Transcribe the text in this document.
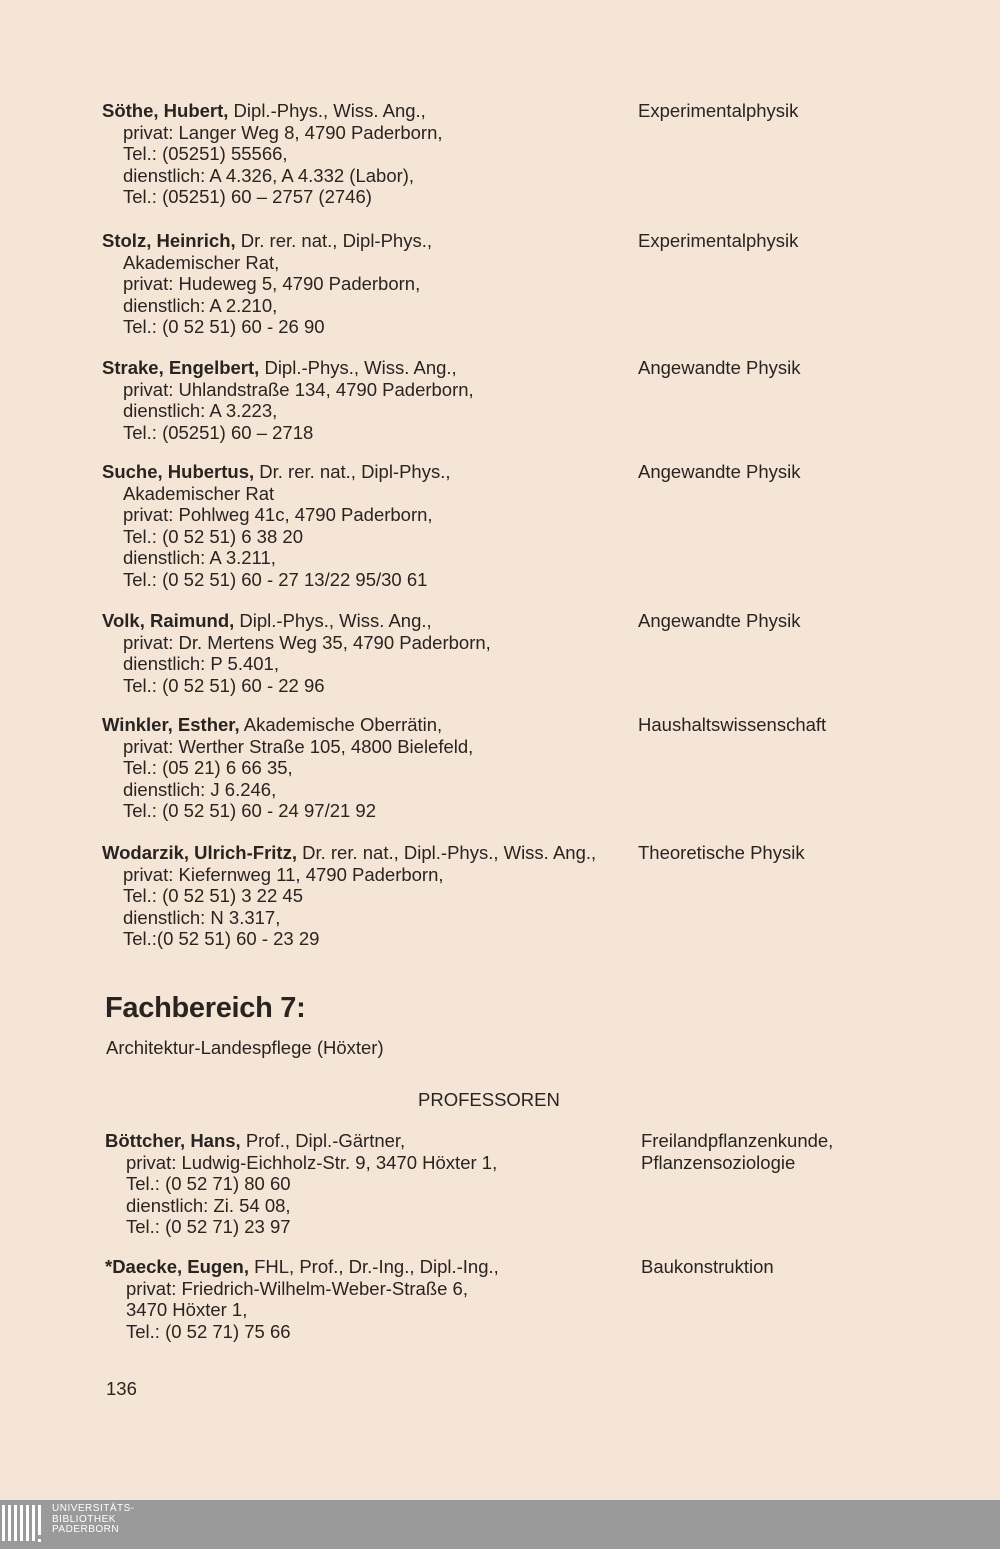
Söthe, Hubert, Dipl.-Phys., Wiss. Ang.,
privat: Langer Weg 8, 4790 Paderborn,
Tel.: (05251) 55566,
dienstlich: A 4.326, A 4.332 (Labor),
Tel.: (05251) 60 – 2757 (2746)
Experimentalphysik
Stolz, Heinrich, Dr. rer. nat., Dipl-Phys.,
Akademischer Rat,
privat: Hudeweg 5, 4790 Paderborn,
dienstlich: A 2.210,
Tel.: (0 52 51) 60 - 26 90
Experimentalphysik
Strake, Engelbert, Dipl.-Phys., Wiss. Ang.,
privat: Uhlandstraße 134, 4790 Paderborn,
dienstlich: A 3.223,
Tel.: (05251) 60 – 2718
Angewandte Physik
Suche, Hubertus, Dr. rer. nat., Dipl-Phys.,
Akademischer Rat
privat: Pohlweg 41c, 4790 Paderborn,
Tel.: (0 52 51) 6 38 20
dienstlich: A 3.211,
Tel.: (0 52 51) 60 - 27 13/22 95/30 61
Angewandte Physik
Volk, Raimund, Dipl.-Phys., Wiss. Ang.,
privat: Dr. Mertens Weg 35, 4790 Paderborn,
dienstlich: P 5.401,
Tel.: (0 52 51) 60 - 22 96
Angewandte Physik
Winkler, Esther, Akademische Oberrätin,
privat: Werther Straße 105, 4800 Bielefeld,
Tel.: (05 21) 6 66 35,
dienstlich: J 6.246,
Tel.: (0 52 51) 60 - 24 97/21 92
Haushaltswissenschaft
Wodarzik, Ulrich-Fritz, Dr. rer. nat., Dipl.-Phys., Wiss. Ang.,
privat: Kiefernweg 11, 4790 Paderborn,
Tel.: (0 52 51) 3 22 45
dienstlich: N 3.317,
Tel.:(0 52 51) 60 - 23 29
Theoretische Physik
Fachbereich 7:
Architektur-Landespflege (Höxter)
PROFESSOREN
Böttcher, Hans, Prof., Dipl.-Gärtner,
privat: Ludwig-Eichholz-Str. 9, 3470 Höxter 1,
Tel.: (0 52 71) 80 60
dienstlich: Zi. 54 08,
Tel.: (0 52 71) 23 97
Freilandpflanzenkunde,
Pflanzensoziologie
*Daecke, Eugen, FHL, Prof., Dr.-Ing., Dipl.-Ing.,
privat: Friedrich-Wilhelm-Weber-Straße 6,
3470 Höxter 1,
Tel.: (0 52 71) 75 66
Baukonstruktion
136
UNIVERSITÄTS-
BIBLIOTHEK
PADERBORN
